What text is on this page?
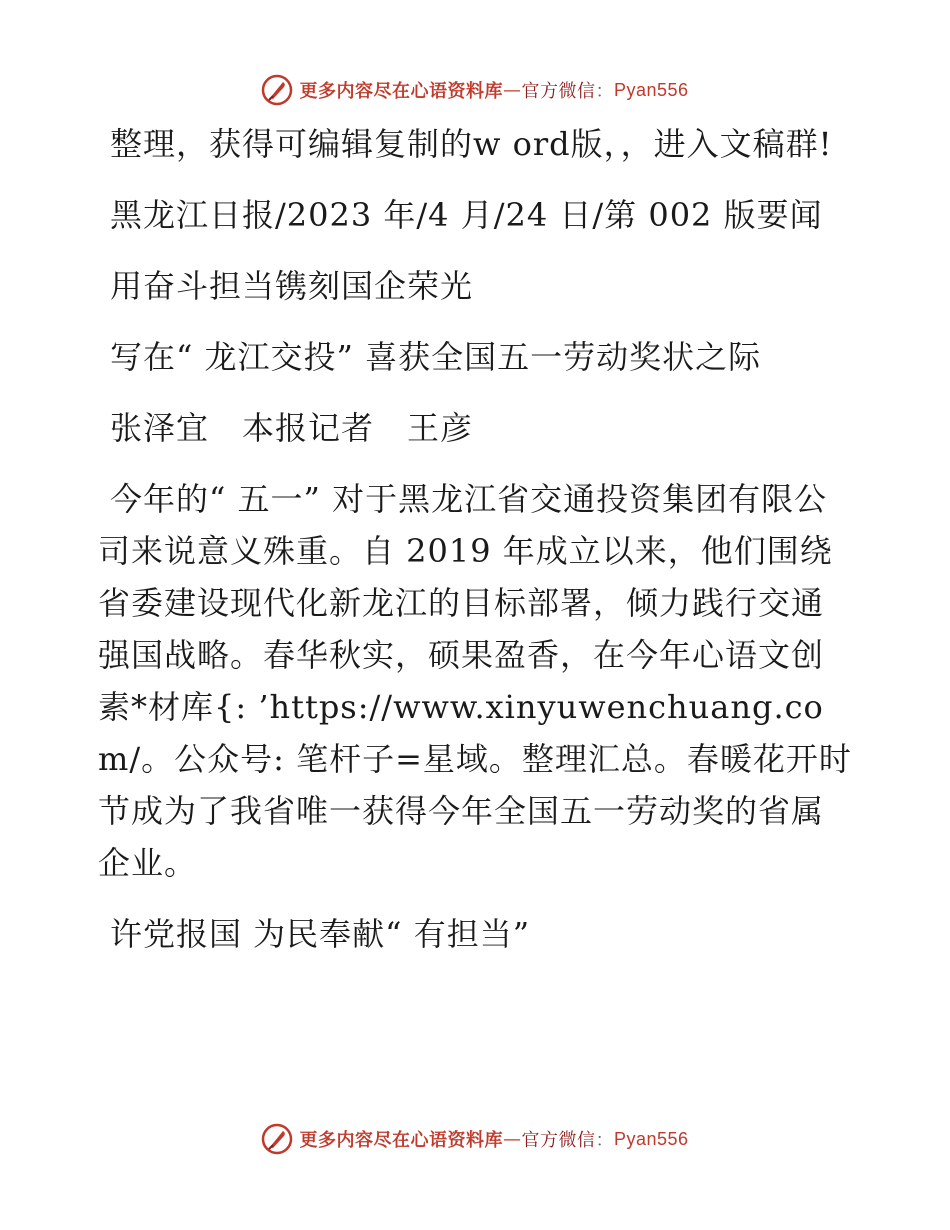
更多内容尽在心语资料库 — 官方微信 ： Pyan556
整理，获得可编辑复制的w ord版，，进入文稿群!
黑龙江日报/2023 年/4 月/24 日/第 002 版要闻
用奋斗担当镌刻国企荣光
写在“ 龙江交投” 喜获全国五一劳动奖状之际
张泽宜　本报记者　王彦
今年的“ 五一” 对于黑龙江省交通投资集团有限公司来说意义殊重。自 2019 年成立以来，他们围绕省委建设现代化新龙江的目标部署，倾力践行交通强国战略。春华秋实，硕果盈香，在今年心语文创素*材库{: ’https://www.xinyuwenchuang.com/。公众号: 笔杆子=星域。整理汇总。春暖花开时节成为了我省唯一获得今年全国五一劳动奖的省属企业。
许党报国 为民奉献“ 有担当”
更多内容尽在心语资料库 — 官方微信 ： Pyan556
